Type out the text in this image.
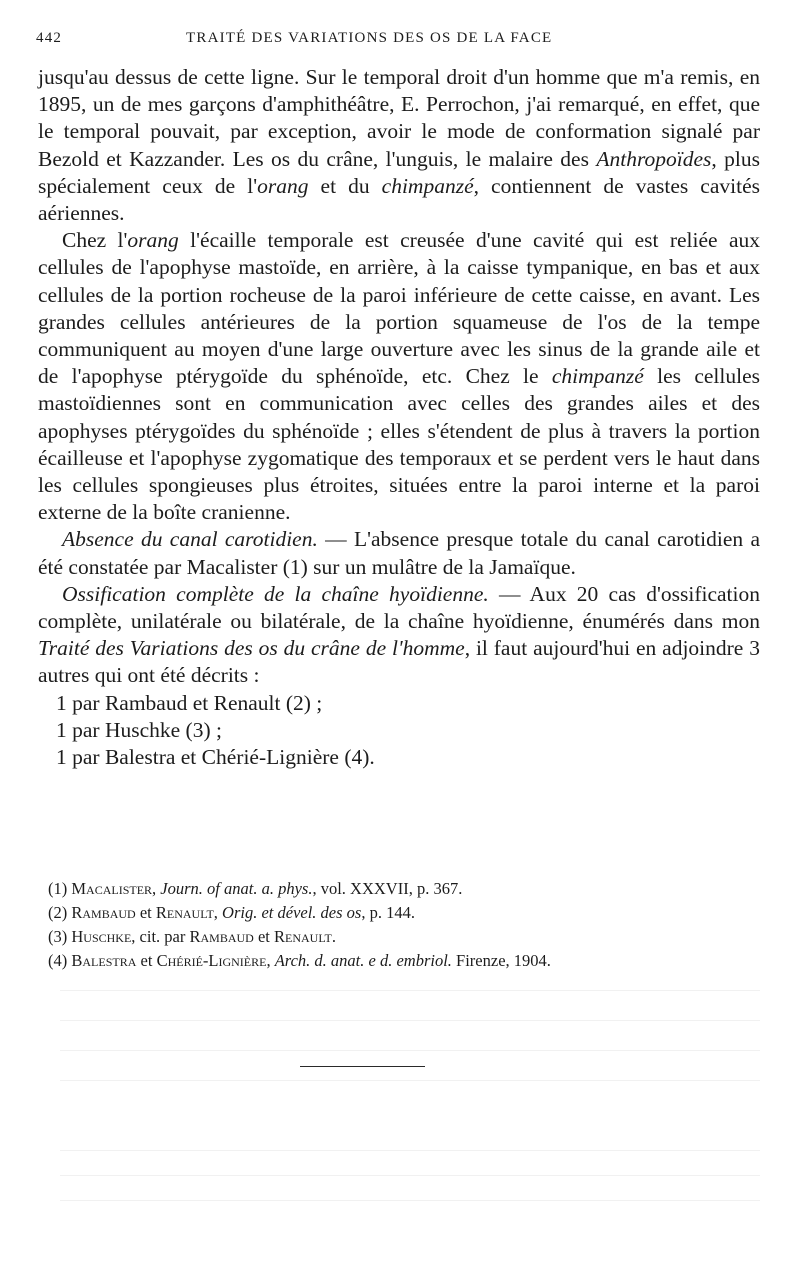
442	TRAITÉ DES VARIATIONS DES OS DE LA FACE

jusqu'au dessus de cette ligne. Sur le temporal droit d'un homme que m'a remis, en 1895, un de mes garçons d'amphithéâtre, E. Perrochon, j'ai remarqué, en effet, que le temporal pouvait, par exception, avoir le mode de conformation signalé par Bezold et Kazzander. Les os du crâne, l'unguis, le malaire des Anthropoïdes, plus spécialement ceux de l'orang et du chimpanzé, contiennent de vastes cavités aériennes.

Chez l'orang l'écaille temporale est creusée d'une cavité qui est reliée aux cellules de l'apophyse mastoïde, en arrière, à la caisse tympanique, en bas et aux cellules de la portion rocheuse de la paroi inférieure de cette caisse, en avant. Les grandes cellules antérieures de la portion squameuse de l'os de la tempe communiquent au moyen d'une large ouverture avec les sinus de la grande aile et de l'apophyse ptérygoïde du sphénoïde, etc. Chez le chimpanzé les cellules mastoïdiennes sont en communication avec celles des grandes ailes et des apophyses ptérygoïdes du sphénoïde ; elles s'étendent de plus à travers la portion écailleuse et l'apophyse zygomatique des temporaux et se perdent vers le haut dans les cellules spongieuses plus étroites, situées entre la paroi interne et la paroi externe de la boîte cranienne.

Absence du canal carotidien. — L'absence presque totale du canal carotidien a été constatée par Macalister (1) sur un mulâtre de la Jamaïque.

Ossification complète de la chaîne hyoïdienne. — Aux 20 cas d'ossification complète, unilatérale ou bilatérale, de la chaîne hyoïdienne, énumérés dans mon Traité des Variations des os du crâne de l'homme, il faut aujourd'hui en adjoindre 3 autres qui ont été décrits :

1 par Rambaud et Renault (2) ;

1 par Huschke (3) ;

1 par Balestra et Chérié-Lignière (4).

(1) Macalister, Journ. of anat. a. phys., vol. XXXVII, p. 367.

(2) Rambaud et Renault, Orig. et dével. des os, p. 144.

(3) Huschke, cit. par Rambaud et Renault.

(4) Balestra et Chérié-Lignière, Arch. d. anat. e d. embriol. Firenze, 1904.
